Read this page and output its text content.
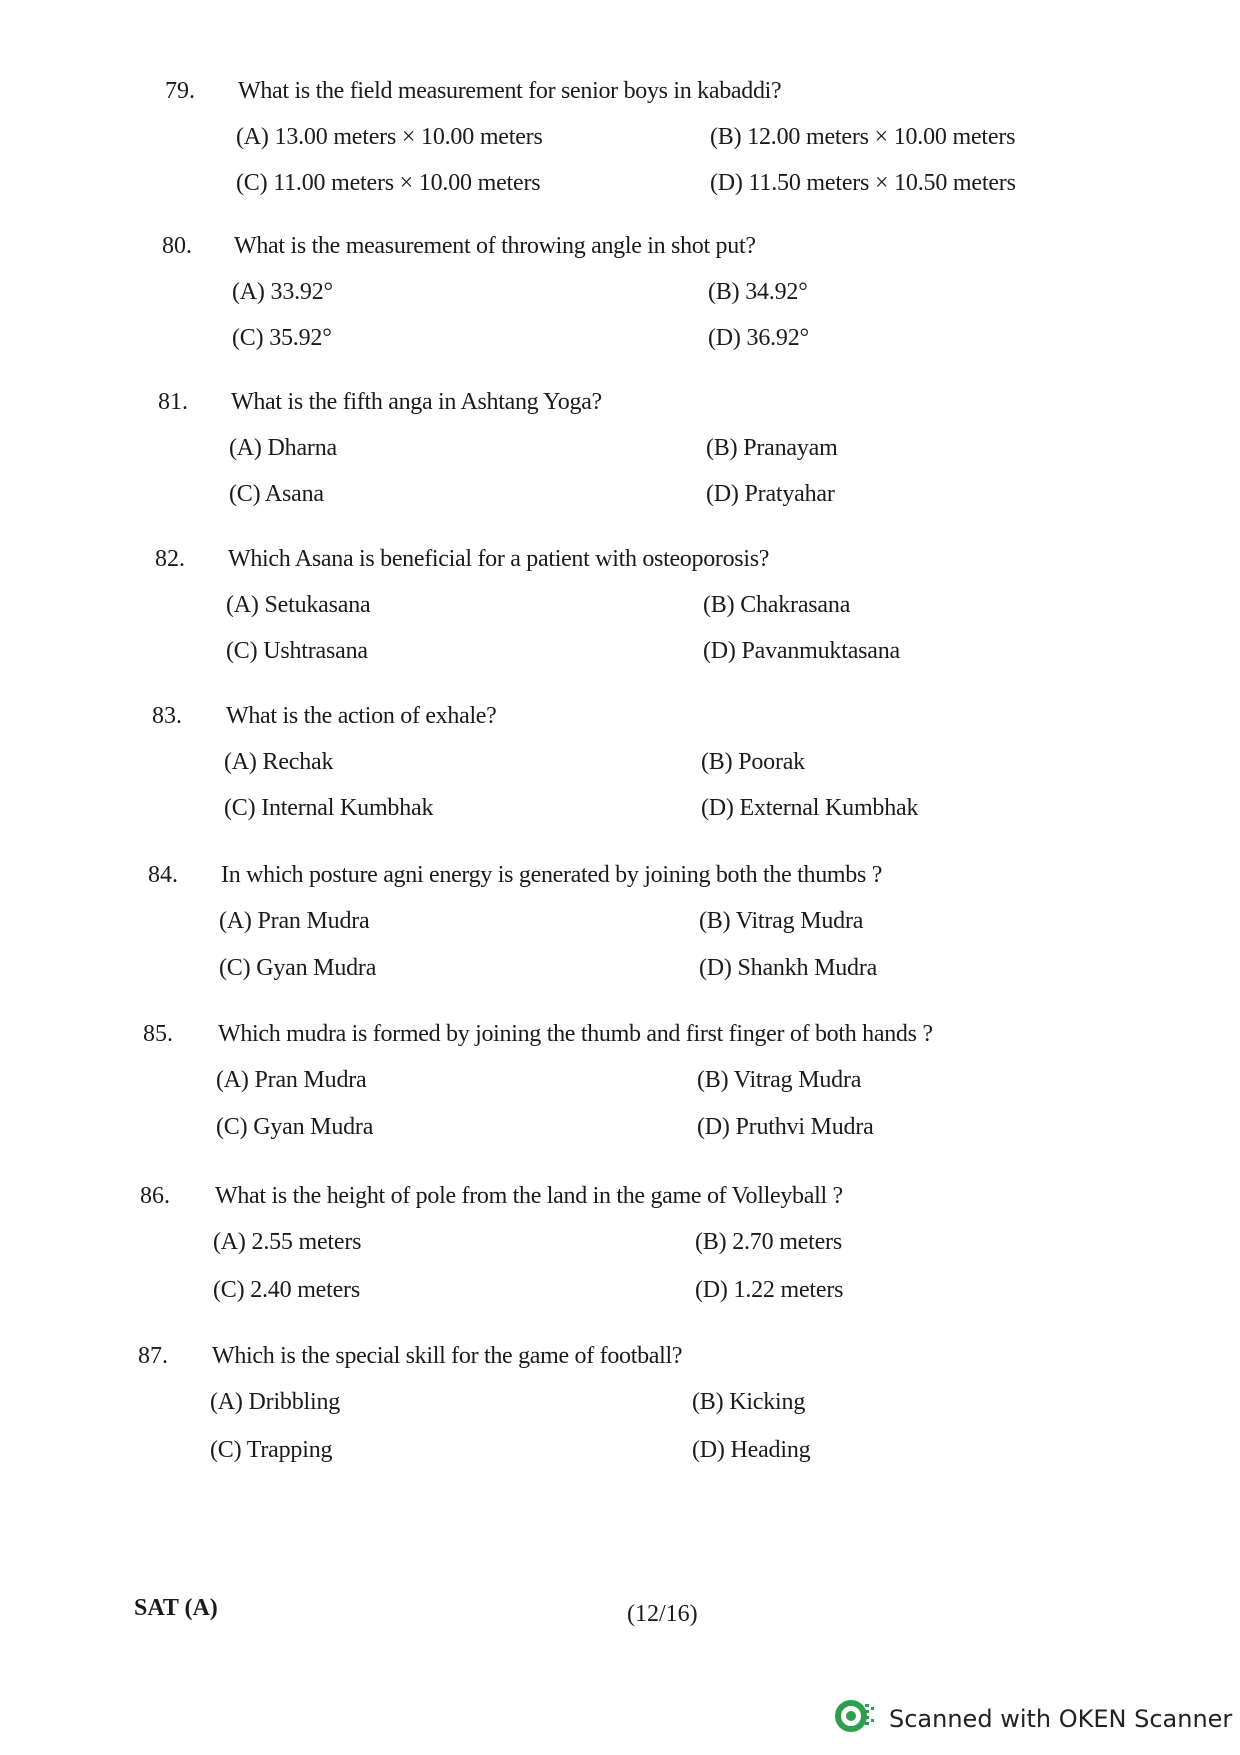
79. What is the field measurement for senior boys in kabaddi?
(A) 13.00 meters × 10.00 meters	(B) 12.00 meters × 10.00 meters
(C) 11.00 meters × 10.00 meters	(D) 11.50 meters × 10.50 meters
80. What is the measurement of throwing angle in shot put?
(A) 33.92°	(B) 34.92°
(C) 35.92°	(D) 36.92°
81. What is the fifth anga in Ashtang Yoga?
(A) Dharna	(B) Pranayam
(C) Asana	(D) Pratyahar
82. Which Asana is beneficial for a patient with osteoporosis?
(A) Setukasana	(B) Chakrasana
(C) Ushtrasana	(D) Pavanmuktasana
83. What is the action of exhale?
(A) Rechak	(B) Poorak
(C) Internal Kumbhak	(D) External Kumbhak
84. In which posture agni energy is generated by joining both the thumbs ?
(A) Pran Mudra	(B) Vitrag Mudra
(C) Gyan Mudra	(D) Shankh Mudra
85. Which mudra is formed by joining the thumb and first finger of both hands ?
(A) Pran Mudra	(B) Vitrag Mudra
(C) Gyan Mudra	(D) Pruthvi Mudra
86. What is the height of pole from the land in the game of Volleyball ?
(A) 2.55 meters	(B) 2.70 meters
(C) 2.40 meters	(D) 1.22 meters
87. Which is the special skill for the game of football?
(A) Dribbling	(B) Kicking
(C) Trapping	(D) Heading
SAT (A)	(12/16)
Scanned with OKEN Scanner
